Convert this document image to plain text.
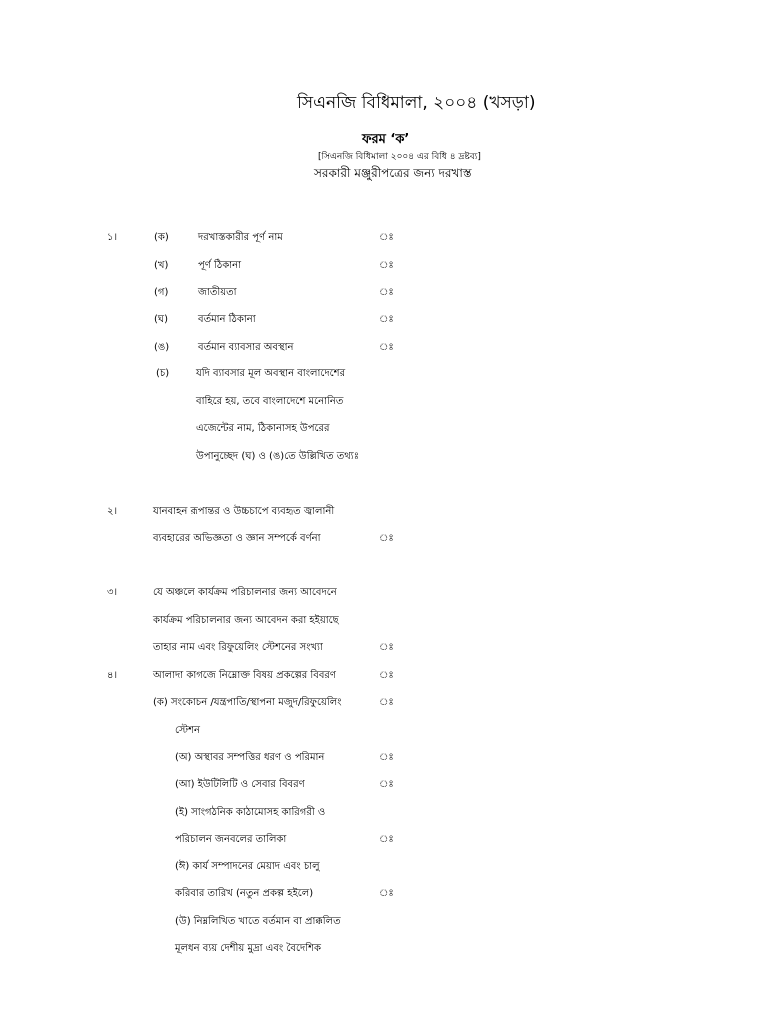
সিএনজি বিধিমালা, ২০০৪ (খসড়া)
ফরম ‘ক’
[সিএনজি বিধিমালা ২০০৪ এর বিধি ৪ দ্রষ্টব্য]
সরকারী মঞ্জুরীপত্রের জন্য দরখাস্ত
১।	(ক)	দরখাস্তকারীর পূর্ণ নাম	ঃ
(খ)	পূর্ণ ঠিকানা	ঃ
(গ)	জাতীয়তা	ঃ
(ঘ)	বর্তমান ঠিকানা	ঃ
(ঙ)	বর্তমান ব্যাবসার অবস্থান	ঃ
(চ)	যদি ব্যাবসার মূল অবস্থান বাংলাদেশের
বাহিরে হয়, তবে বাংলাদেশে মনোনিত
এজেন্টের নাম, ঠিকানাসহ উপরের
উপানুচ্ছেদ (ঘ) ও (ঙ)তে উল্লিখিত তথ্যঃ
২।	যানবাহন রূপান্তর ও উচ্চচাপে ব্যবহৃত জ্বালানী
ব্যবহারের অভিজ্ঞতা ও জ্ঞান সম্পর্কে বর্ণনা	ঃ
৩।	যে অঞ্চলে কার্যক্রম পরিচালনার জন্য আবেদনে
কার্যক্রম পরিচালনার জন্য আবেদন করা হইয়াছে
তাহার নাম এবং রিফুয়েলিং স্টেশনের সংখ্যা	ঃ
৪।	আলাদা কাগজে নিম্নোক্ত বিষয় প্রকল্পের বিবরণ	ঃ
(ক) সংকোচন /যন্ত্রপাতি/স্থাপনা মজুদ/রিফুয়েলিং	ঃ
স্টেশন
(অ) অস্থাবর সম্পত্তির ধরণ ও পরিমান	ঃ
(আ) ইউটিলিটি ও সেবার বিবরণ	ঃ
(ই) সাংগঠনিক কাঠামোসহ কারিগরী ও
পরিচালন জনবলের তালিকা	ঃ
(ঈ) কার্য সম্পাদনের মেয়াদ এবং চালু
করিবার তারিখ (নতুন প্রকল্প হইলে)	ঃ
(উ) নিম্নলিখিত খাতে বর্তমান বা প্রাক্কলিত
মূলধন ব্যয় দেশীয় মুদ্রা এবং বৈদেশিক
